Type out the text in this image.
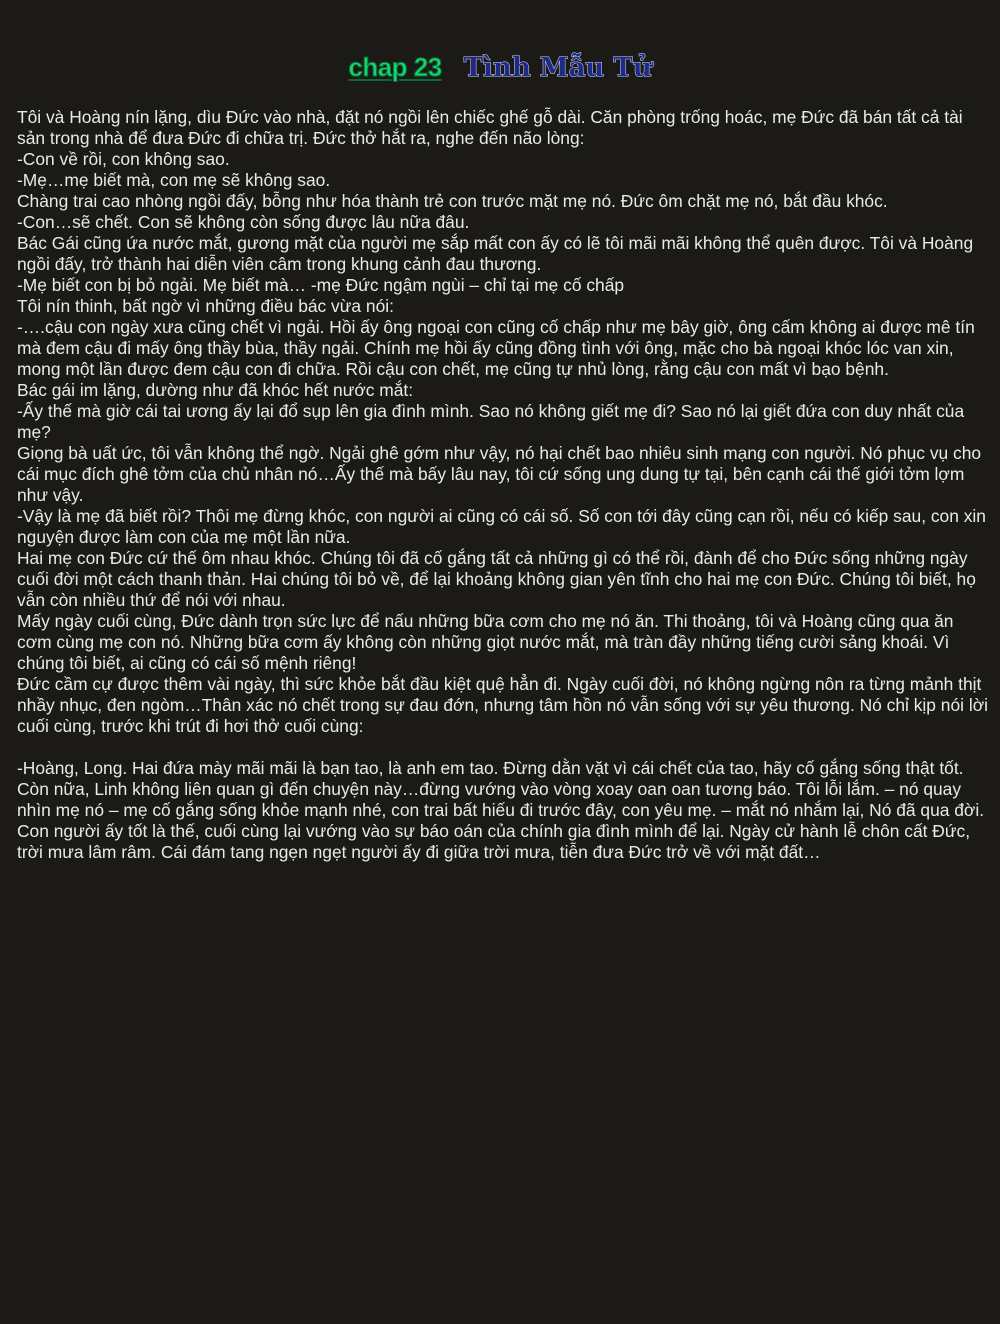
chap 23 Tình Mẫu Tử

Tôi và Hoàng nín lặng, dìu Đức vào nhà, đặt nó ngồi lên chiếc ghế gỗ dài. Căn phòng trống hoác, mẹ Đức đã bán tất cả tài sản trong nhà để đưa Đức đi chữa trị. Đức thở hắt ra, nghe đến não lòng:

-Con về rồi, con không sao.

-Mẹ…mẹ biết mà, con mẹ sẽ không sao.

Chàng trai cao nhòng ngồi đấy, bỗng như hóa thành trẻ con trước mặt mẹ nó. Đức ôm chặt mẹ nó, bắt đầu khóc.

-Con…sẽ chết. Con sẽ không còn sống được lâu nữa đâu.

Bác Gái cũng ứa nước mắt, gương mặt của người mẹ sắp mất con ấy có lẽ tôi mãi mãi không thể quên được. Tôi và Hoàng ngồi đấy, trở thành hai diễn viên câm trong khung cảnh đau thương.

-Mẹ biết con bị bỏ ngải. Mẹ biết mà… -mẹ Đức ngậm ngùi – chỉ tại mẹ cố chấp

Tôi nín thinh, bất ngờ vì những điều bác vừa nói:

-….cậu con ngày xưa cũng chết vì ngải. Hồi ấy ông ngoại con cũng cố chấp như mẹ bây giờ, ông cấm không ai được mê tín mà đem cậu đi mấy ông thầy bùa, thầy ngải. Chính mẹ hồi ấy cũng đồng tình với ông, mặc cho bà ngoại khóc lóc van xin, mong một lần được đem cậu con đi chữa. Rồi cậu con chết, mẹ cũng tự nhủ lòng, rằng cậu con mất vì bạo bệnh.

Bác gái im lặng, dường như đã khóc hết nước mắt:

-Ấy thế mà giờ cái tai ương ấy lại đổ sụp lên gia đình mình. Sao nó không giết mẹ đi? Sao nó lại giết đứa con duy nhất của mẹ?

Giọng bà uất ức, tôi vẫn không thể ngờ. Ngải ghê gớm như vậy, nó hại chết bao nhiêu sinh mạng con người. Nó phục vụ cho cái mục đích ghê tởm của chủ nhân nó…Ấy thế mà bấy lâu nay, tôi cứ sống ung dung tự tại, bên cạnh cái thế giới tởm lợm như vậy.

-Vậy là mẹ đã biết rồi? Thôi mẹ đừng khóc, con người ai cũng có cái số. Số con tới đây cũng cạn rồi, nếu có kiếp sau, con xin nguyện được làm con của mẹ một lần nữa.

Hai mẹ con Đức cứ thế ôm nhau khóc. Chúng tôi đã cố gắng tất cả những gì có thể rồi, đành để cho Đức sống những ngày cuối đời một cách thanh thản. Hai chúng tôi bỏ về, để lại khoảng không gian yên tĩnh cho hai mẹ con Đức. Chúng tôi biết, họ vẫn còn nhiều thứ để nói với nhau.

Mấy ngày cuối cùng, Đức dành trọn sức lực để nấu những bữa cơm cho mẹ nó ăn. Thi thoảng, tôi và Hoàng cũng qua ăn cơm cùng mẹ con nó. Những bữa cơm ấy không còn những giọt nước mắt, mà tràn đầy những tiếng cười sảng khoái. Vì chúng tôi biết, ai cũng có cái số mệnh riêng!

Đức cầm cự được thêm vài ngày, thì sức khỏe bắt đầu kiệt quệ hẳn đi. Ngày cuối đời, nó không ngừng nôn ra từng mảnh thịt nhầy nhục, đen ngòm…Thân xác nó chết trong sự đau đớn, nhưng tâm hồn nó vẫn sống với sự yêu thương. Nó chỉ kịp nói lời cuối cùng, trước khi trút đi hơi thở cuối cùng:

-Hoàng, Long. Hai đứa mày mãi mãi là bạn tao, là anh em tao. Đừng dằn vặt vì cái chết của tao, hãy cố gắng sống thật tốt. Còn nữa, Linh không liên quan gì đến chuyện này…đừng vướng vào vòng xoay oan oan tương báo. Tôi lỗi lắm. – nó quay nhìn mẹ nó – mẹ cố gắng sống khỏe mạnh nhé, con trai bất hiếu đi trước đây, con yêu mẹ. – mắt nó nhắm lại, Nó đã qua đời.

Con người ấy tốt là thế, cuối cùng lại vướng vào sự báo oán của chính gia đình mình để lại. Ngày cử hành lễ chôn cất Đức, trời mưa lâm râm. Cái đám tang ngẹn ngẹt người ấy đi giữa trời mưa, tiễn đưa Đức trở về với mặt đất…
